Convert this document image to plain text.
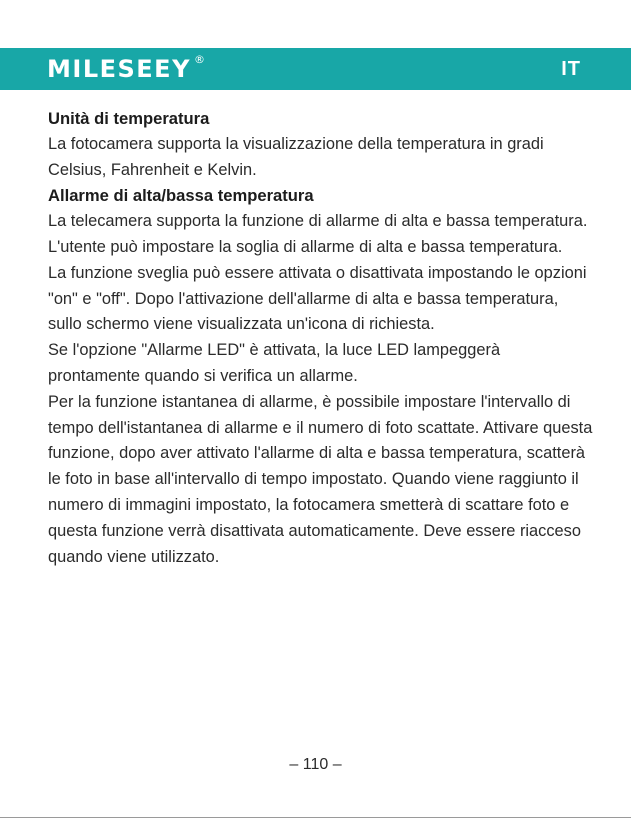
MILESEEY ®	IT
Unità di temperatura

La fotocamera supporta la visualizzazione della temperatura in gradi Celsius, Fahrenheit e Kelvin.

Allarme di alta/bassa temperatura

La telecamera supporta la funzione di allarme di alta e bassa temperatura. L'utente può impostare la soglia di allarme di alta e bassa temperatura.

La funzione sveglia può essere attivata o disattivata impostando le opzioni "on" e "off". Dopo l'attivazione dell'allarme di alta e bassa temperatura, sullo schermo viene visualizzata un'icona di richiesta.

Se l'opzione "Allarme LED" è attivata, la luce LED lampeggerà prontamente quando si verifica un allarme.

Per la funzione istantanea di allarme, è possibile impostare l'intervallo di tempo dell'istantanea di allarme e il numero di foto scattate. Attivare questa funzione, dopo aver attivato l'allarme di alta e bassa temperatura, scatterà le foto in base all'intervallo di tempo impostato. Quando viene raggiunto il numero di immagini impostato, la fotocamera smetterà di scattare foto e questa funzione verrà disattivata automaticamente. Deve essere riacceso quando viene utilizzato.

– 110 –
